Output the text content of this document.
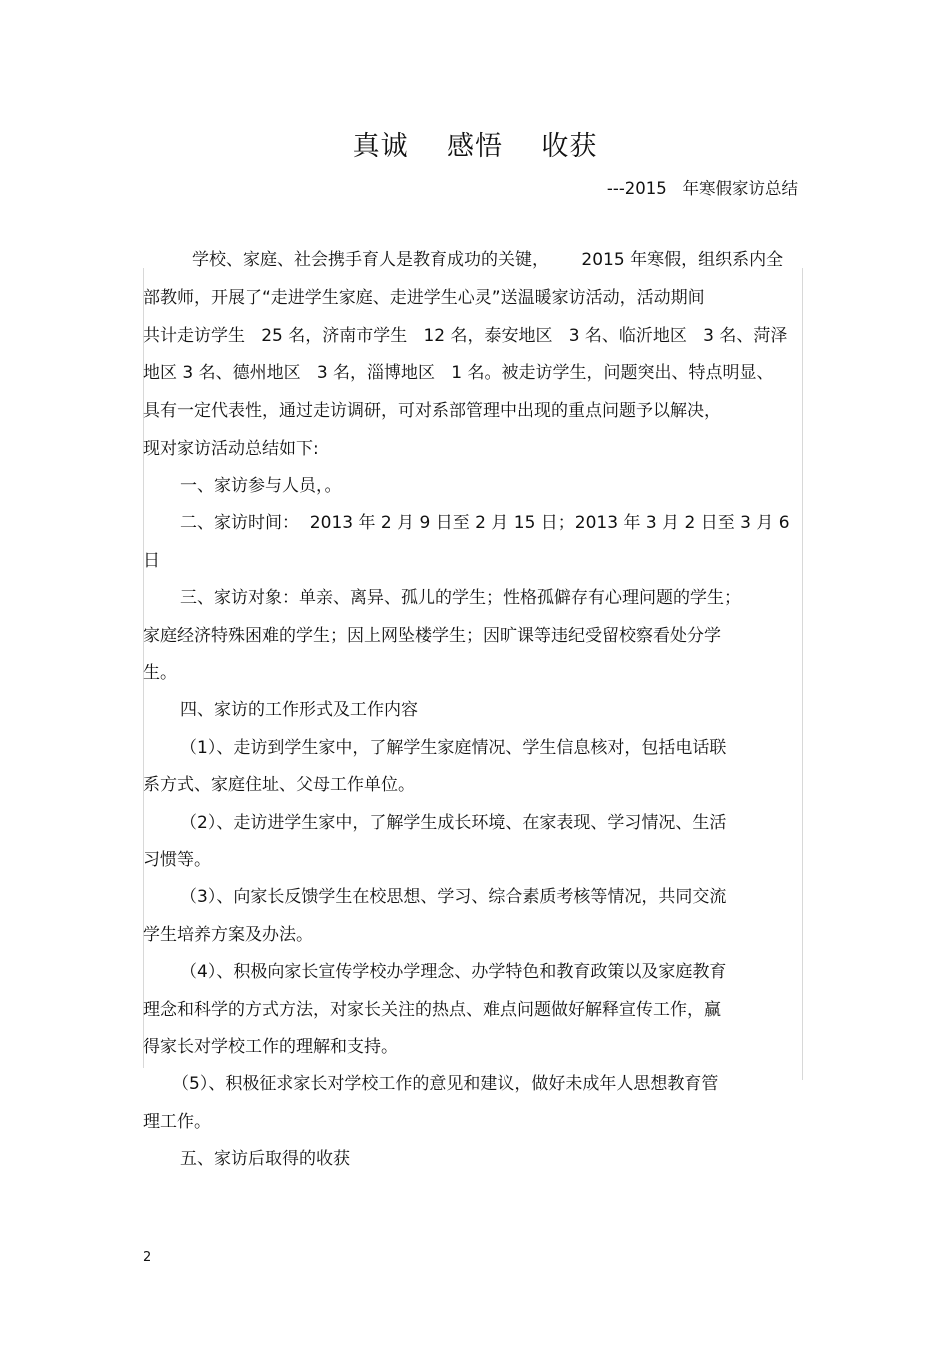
真诚    感悟    收获
---2015   年寒假家访总结
学校、家庭、社会携手育人是教育成功的关键，      2015 年寒假，组织系内全
部教师，开展了“走进学生家庭、走进学生心灵”送温暖家访活动，活动期间
共计走访学生   25 名，济南市学生   12 名，泰安地区   3 名、临沂地区   3 名、菏泽
地区 3 名、德州地区   3 名，淄博地区   1 名。被走访学生，问题突出、特点明显、
具有一定代表性，通过走访调研，可对系部管理中出现的重点问题予以解决，
现对家访活动总结如下:
一、家访参与人员，。
二、家访时间：  2013 年 2 月 9 日至 2 月 15 日；2013 年 3 月 2 日至 3 月 6
日
三、家访对象：单亲、离异、孤儿的学生；性格孤僻存有心理问题的学生；
家庭经济特殊困难的学生；因上网坠楼学生；因旷课等违纪受留校察看处分学
生。
四、家访的工作形式及工作内容
（1）、走访到学生家中，了解学生家庭情况、学生信息核对，包括电话联
系方式、家庭住址、父母工作单位。
（2）、走访进学生家中，了解学生成长环境、在家表现、学习情况、生活
习惯等。
（3）、向家长反馈学生在校思想、学习、综合素质考核等情况，共同交流
学生培养方案及办法。
（4）、积极向家长宣传学校办学理念、办学特色和教育政策以及家庭教育
理念和科学的方式方法，对家长关注的热点、难点问题做好解释宣传工作，赢
得家长对学校工作的理解和支持。
（5）、积极征求家长对学校工作的意见和建议，做好未成年人思想教育管
理工作。
五、家访后取得的收获
2
